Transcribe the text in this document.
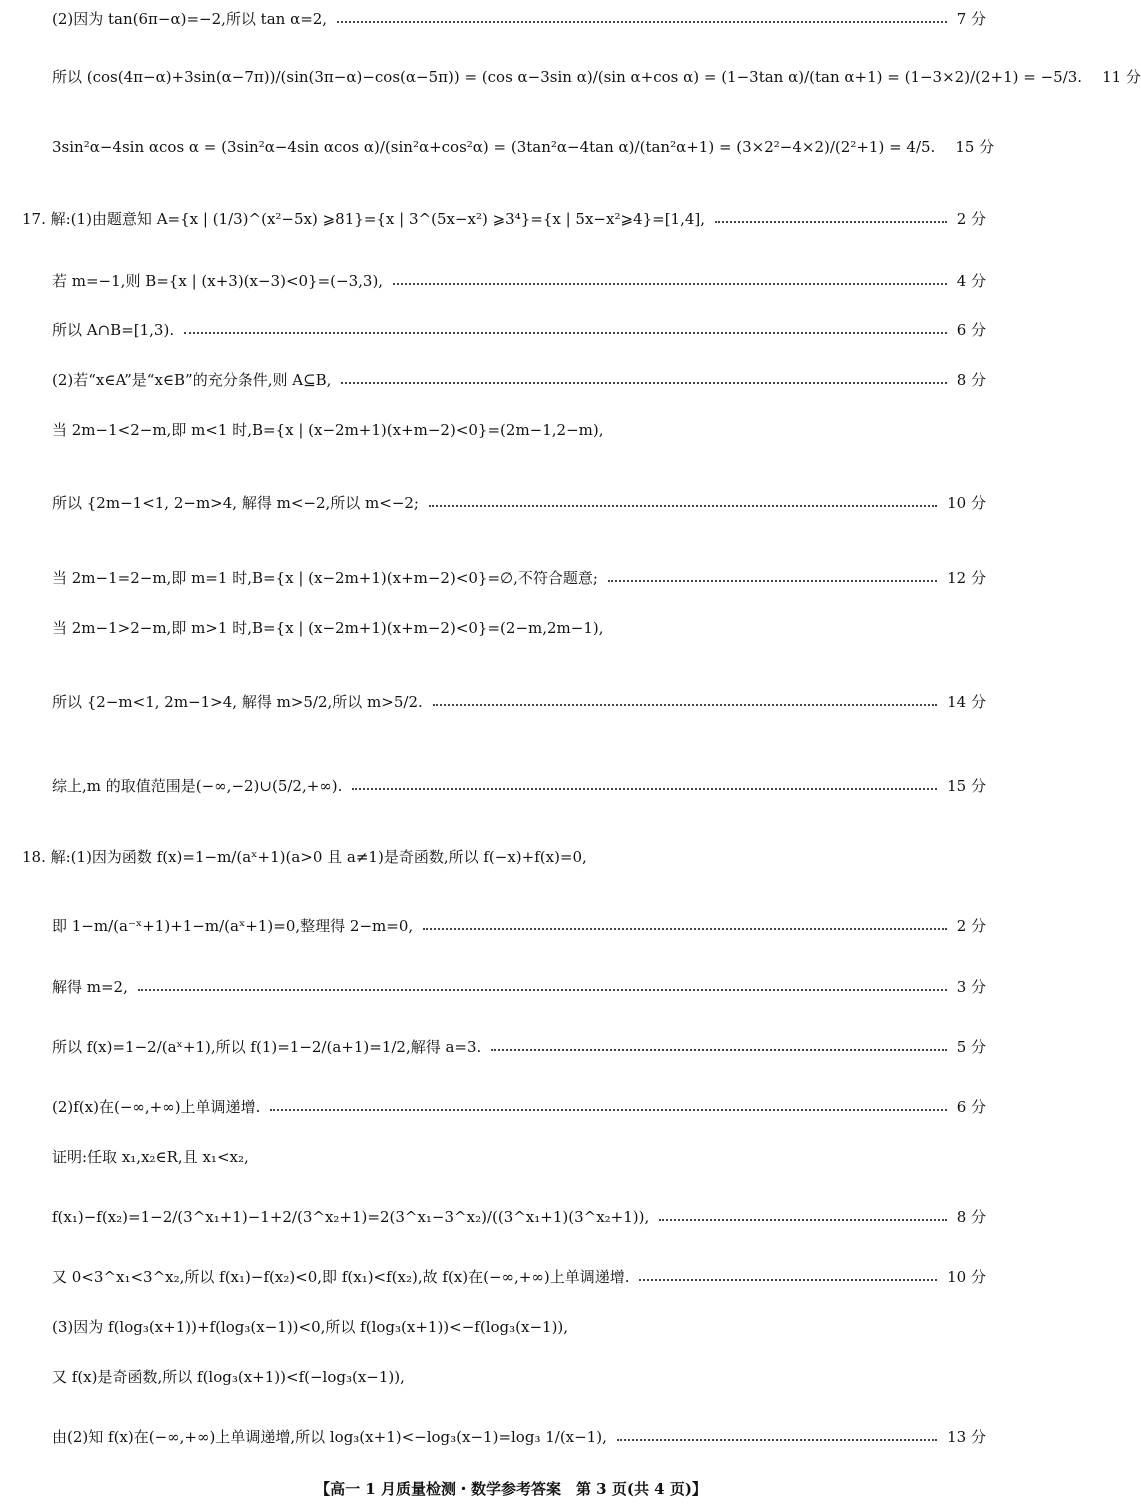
(2)因为 tan(6π−α)=−2,所以 tan α=2,	7 分
所以 (cos(4π−α)+3sin(α−7π))/(sin(3π−α)−cos(α−5π)) = (cos α−3sin α)/(sin α+cos α) = (1−3tan α)/(tan α+1) = (1−3×2)/(2+1) = −5/3. 11 分
3sin²α−4sin αcos α = (3sin²α−4sin αcos α)/(sin²α+cos²α) = (3tan²α−4tan α)/(tan²α+1) = (3×2²−4×2)/(2²+1) = 4/5. 15 分
17. 解:(1)由题意知 A={x | (1/3)^(x²−5x) ⩾81}={x | 3^(5x−x²) ⩾3⁴}={x | 5x−x²⩾4}=[1,4],	2 分
若 m=−1,则 B={x | (x+3)(x−3)<0}=(−3,3),	4 分
所以 A∩B=[1,3).	6 分
(2)若“x∈A”是“x∈B”的充分条件,则 A⊆B,	8 分
当 2m−1<2−m,即 m<1 时,B={x | (x−2m+1)(x+m−2)<0}=(2m−1,2−m),
所以 {2m−1<1, 2−m>4, 解得 m<−2,所以 m<−2;	10 分
当 2m−1=2−m,即 m=1 时,B={x | (x−2m+1)(x+m−2)<0}=∅,不符合题意;	12 分
当 2m−1>2−m,即 m>1 时,B={x | (x−2m+1)(x+m−2)<0}=(2−m,2m−1),
所以 {2−m<1, 2m−1>4, 解得 m>5/2,所以 m>5/2.	14 分
综上,m 的取值范围是(−∞,−2)∪(5/2,+∞).	15 分
18. 解:(1)因为函数 f(x)=1−m/(aˣ+1)(a>0 且 a≠1)是奇函数,所以 f(−x)+f(x)=0,
即 1−m/(a⁻ˣ+1)+1−m/(aˣ+1)=0,整理得 2−m=0,	2 分
解得 m=2,	3 分
所以 f(x)=1−2/(aˣ+1),所以 f(1)=1−2/(a+1)=1/2,解得 a=3.	5 分
(2)f(x)在(−∞,+∞)上单调递增.	6 分
证明:任取 x₁,x₂∈R,且 x₁<x₂,
f(x₁)−f(x₂)=1−2/(3^x₁+1)−1+2/(3^x₂+1)=2(3^x₁−3^x₂)/((3^x₁+1)(3^x₂+1)),	8 分
又 0<3^x₁<3^x₂,所以 f(x₁)−f(x₂)<0,即 f(x₁)<f(x₂),故 f(x)在(−∞,+∞)上单调递增.	10 分
(3)因为 f(log₃(x+1))+f(log₃(x−1))<0,所以 f(log₃(x+1))<−f(log₃(x−1)),
又 f(x)是奇函数,所以 f(log₃(x+1))<f(−log₃(x−1)),
由(2)知 f(x)在(−∞,+∞)上单调递增,所以 log₃(x+1)<−log₃(x−1)=log₃ 1/(x−1),	13 分
【高一 1 月质量检测・数学参考答案　第 3 页(共 4 页)】
